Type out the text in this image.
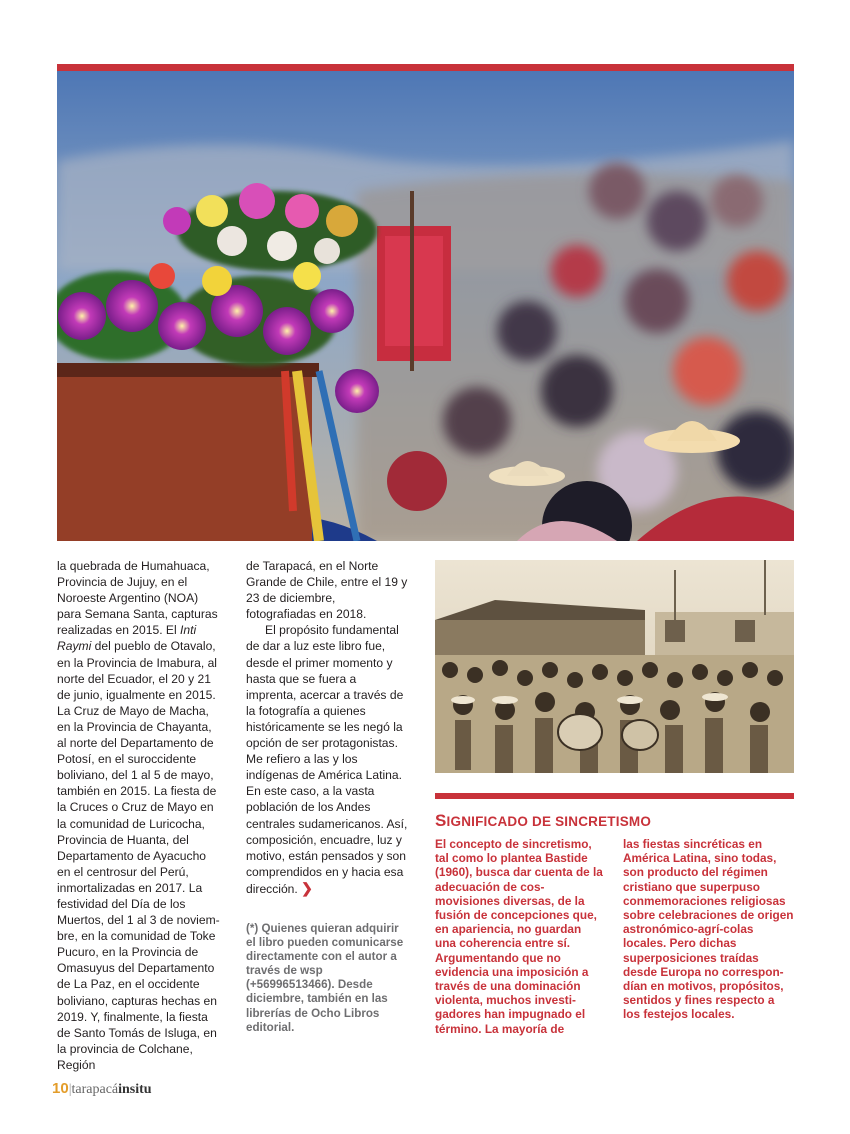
la quebrada de Humahuaca, Provincia de Jujuy, en el Noroeste Argentino (NOA) para Semana Santa, capturas realizadas en 2015. El Inti Raymi del pueblo de Otavalo, en la Provincia de Imabura, al norte del Ecuador, el 20 y 21 de junio, igualmente en 2015. La Cruz de Mayo de Macha, en la Provincia de Chayanta, al norte del Departamento de Potosí, en el suroccidente boliviano, del 1 al 5 de mayo, también en 2015. La fiesta de la Cruces o Cruz de Mayo en la comunidad de Luricocha, Provincia de Huanta, del Departamento de Ayacucho en el centrosur del Perú, inmortalizadas en 2017. La festividad del Día de los Muertos, del 1 al 3 de noviem-bre, en la comunidad de Toke Pucuro, en la Provincia de Omasuyus del Departamento de La Paz, en el occidente boliviano, capturas hechas en 2019. Y, finalmente, la fiesta de Santo Tomás de Isluga, en la provincia de Colchane, Región

de Tarapacá, en el Norte Grande de Chile, entre el 19 y 23 de diciembre, fotografiadas en 2018.

El propósito fundamental de dar a luz este libro fue, desde el primer momento y hasta que se fuera a imprenta, acercar a través de la fotografía a quienes históricamente se les negó la opción de ser protagonistas. Me refiero a las y los indígenas de América Latina. En este caso, a la vasta población de los Andes centrales sudamericanos. Así, composición, encuadre, luz y motivo, están pensados y son comprendidos en y hacia esa dirección. ❯

(*) Quienes quieran adquirir el libro pueden comunicarse directamente con el autor a través de wsp (+56996513466). Desde diciembre, también en las librerías de Ocho Libros editorial.
SIGNIFICADO DE SINCRETISMO
El concepto de sincretismo, tal como lo plantea Bastide (1960), busca dar cuenta de la adecuación de cos-movisiones diversas, de la fusión de concepciones que, en apariencia, no guardan una coherencia entre sí. Argumentando que no evidencia una imposición a través de una dominación violenta, muchos investi-gadores han impugnado el término. La mayoría de
las fiestas sincréticas en América Latina, sino todas, son producto del régimen cristiano que superpuso conmemoraciones religiosas sobre celebraciones de origen astronómico-agrí-colas locales. Pero dichas superposiciones traídas desde Europa no correspon-dían en motivos, propósitos, sentidos y fines respecto a los festejos locales.
10|tarapacáinsitu
